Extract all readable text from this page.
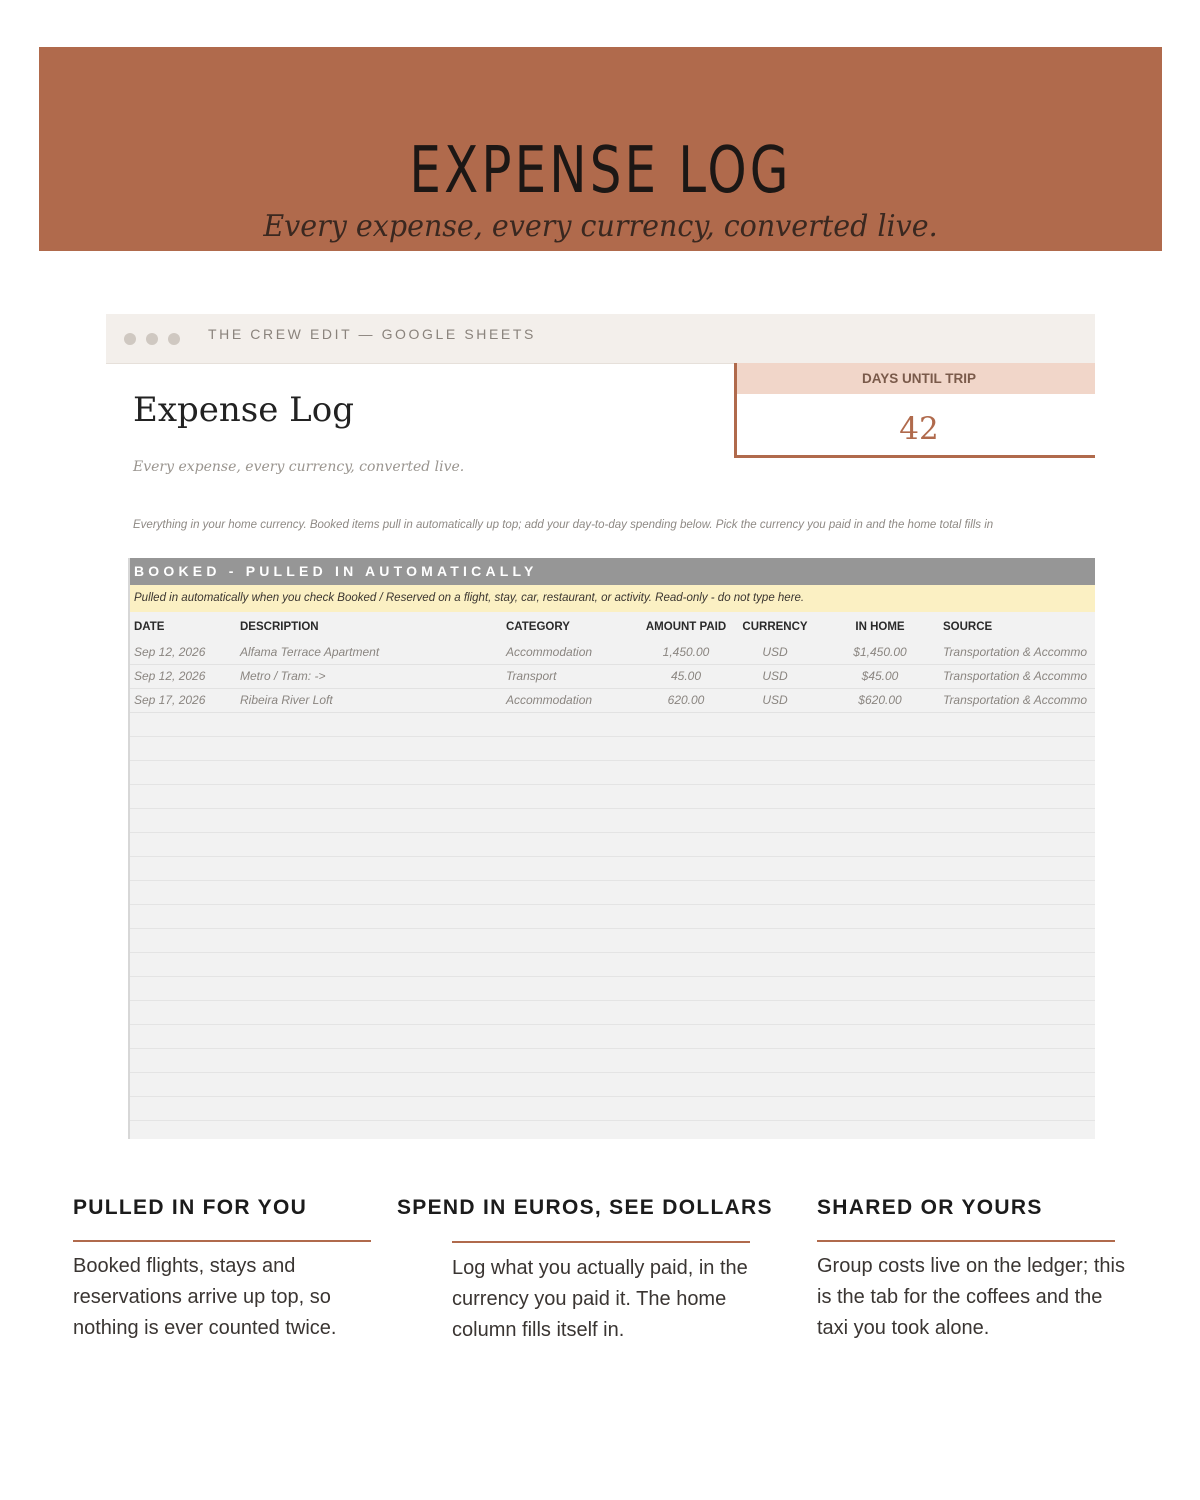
EXPENSE LOG
Every expense, every currency, converted live.
THE CREW EDIT — GOOGLE SHEETS
Expense Log
Every expense, every currency, converted live.
DAYS UNTIL TRIP
42
Everything in your home currency. Booked items pull in automatically up top; add your day-to-day spending below. Pick the currency you paid in and the home total fills in
BOOKED - PULLED IN AUTOMATICALLY
Pulled in automatically when you check Booked / Reserved on a flight, stay, car, restaurant, or activity. Read-only - do not type here.
DATE	DESCRIPTION	CATEGORY	AMOUNT PAID	CURRENCY	IN HOME	SOURCE
Sep 12, 2026	Alfama Terrace Apartment	Accommodation	1,450.00	USD	$1,450.00	Transportation & Accommo
Sep 12, 2026	Metro / Tram: ->	Transport	45.00	USD	$45.00	Transportation & Accommo
Sep 17, 2026	Ribeira River Loft	Accommodation	620.00	USD	$620.00	Transportation & Accommo
PULLED IN FOR YOU

Booked flights, stays and reservations arrive up top, so nothing is ever counted twice.

SPEND IN EUROS, SEE DOLLARS

Log what you actually paid, in the currency you paid it. The home column fills itself in.

SHARED OR YOURS

Group costs live on the ledger; this is the tab for the coffees and the taxi you took alone.
